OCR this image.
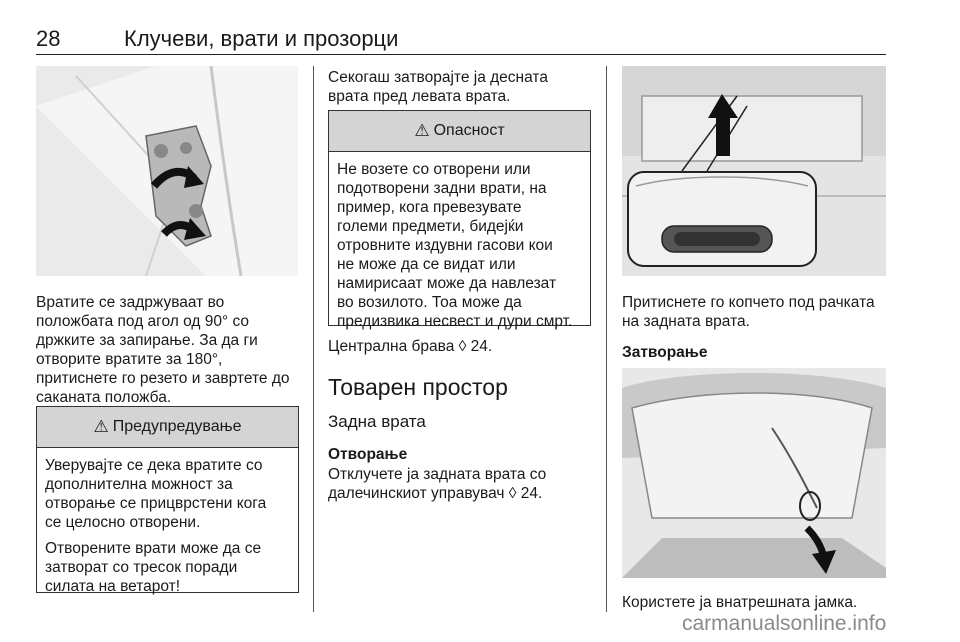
28	Клучеви, врати и прозорци

Вратите се задржуваат во

положбата под агол од 90° со

држките за запирање. За да ги

отворите вратите за 180°,

притиснете го резето и завртете до

саканата положба.

⚠ Предупредување

Уверувајте се дека вратите со
дополнителна можност за
отворање се прицврстени кога
се целосно отворени.

Отворените врати може да се
затворат со тресок поради
силата на ветарот!

Секогаш затворајте ја десната

врата пред левата врата.

⚠ Опасност
Не возете со отворени или
подотворени задни врати, на
пример, кога превезувате
големи предмети, бидејќи
отровните издувни гасови кои
не може да се видат или
намирисаат може да навлезат
во возилото. Тоа може да
предизвика несвест и дури смрт.
Централна брава ◊ 24.
Товарен простор
Задна врата
Отворање

Отклучете ја задната врата со

далечинскиот управувач ◊ 24.

Притиснете го копчето под рачката

на задната врата.

Затворање
Користете ја внатрешната јамка.
carmanualsonline.info
